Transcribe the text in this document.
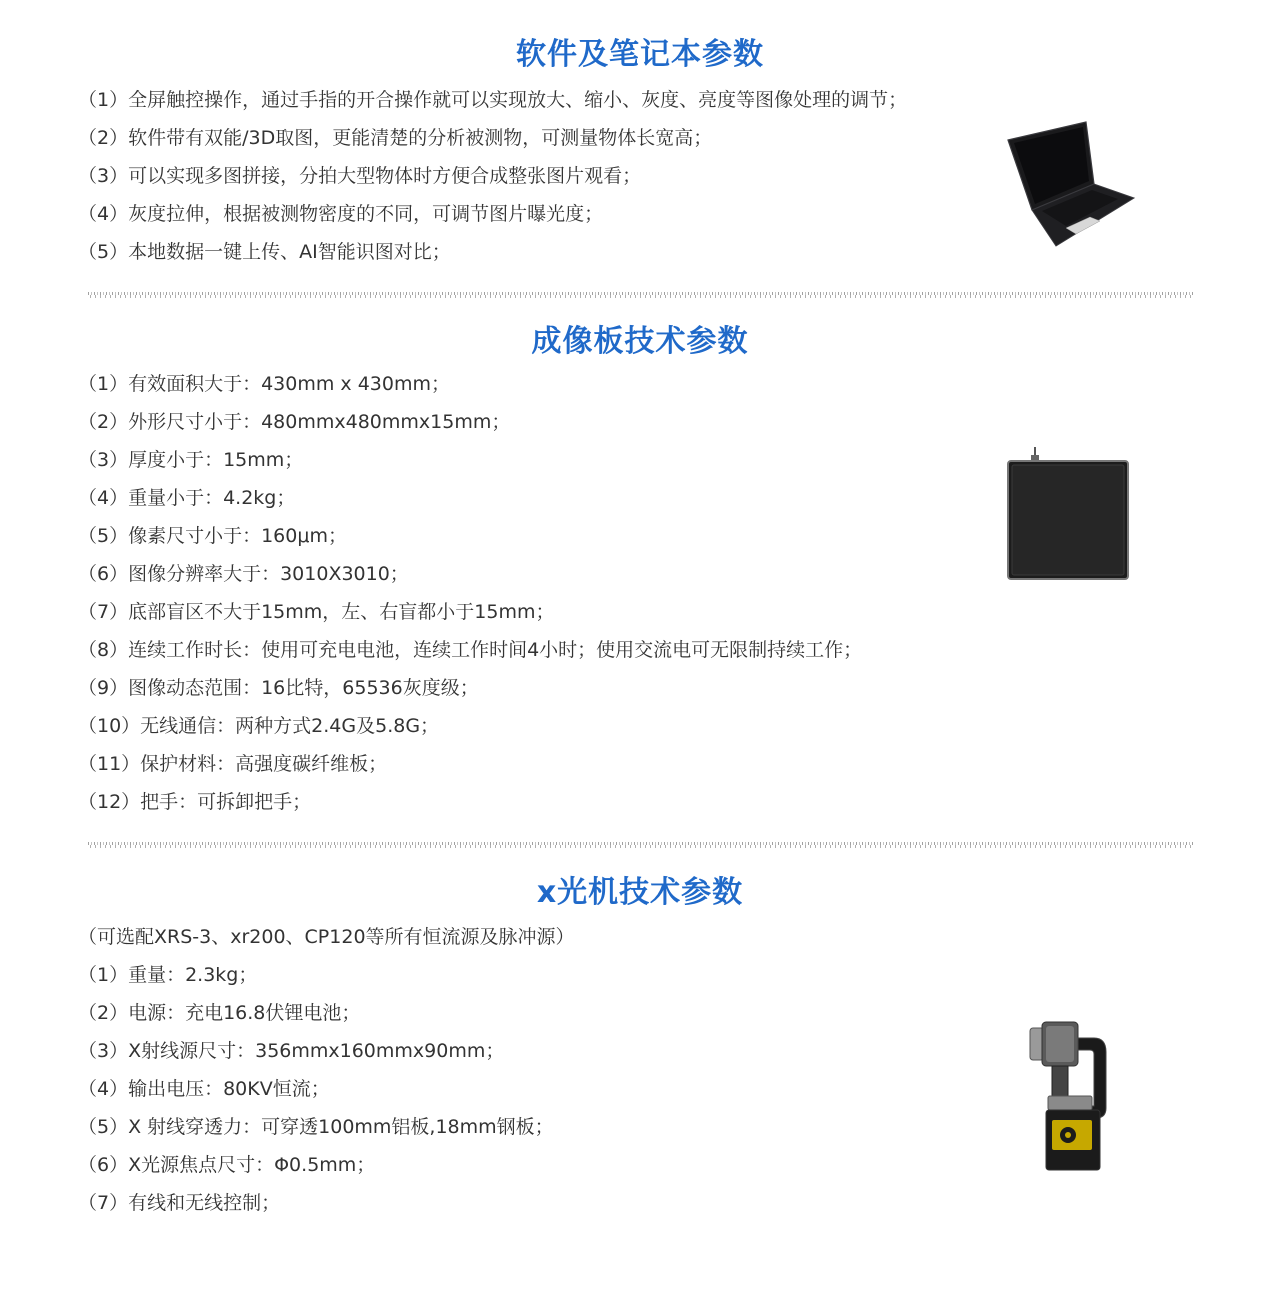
软件及笔记本参数
（1）全屏触控操作，通过手指的开合操作就可以实现放大、缩小、灰度、亮度等图像处理的调节；
（2）软件带有双能/3D取图，更能清楚的分析被测物，可测量物体长宽高；
（3）可以实现多图拼接，分拍大型物体时方便合成整张图片观看；
（4）灰度拉伸，根据被测物密度的不同，可调节图片曝光度；
（5）本地数据一键上传、AI智能识图对比；
成像板技术参数
（1）有效面积大于：430mm x 430mm；
（2）外形尺寸小于：480mmx480mmx15mm；
（3）厚度小于：15mm；
（4）重量小于：4.2kg；
（5）像素尺寸小于：160μm；
（6）图像分辨率大于：3010X3010；
（7）底部盲区不大于15mm，左、右盲都小于15mm；
（8）连续工作时长：使用可充电电池，连续工作时间4小时；使用交流电可无限制持续工作；
（9）图像动态范围：16比特，65536灰度级；
（10）无线通信：两种方式2.4G及5.8G；
（11）保护材料：高强度碳纤维板；
（12）把手：可拆卸把手；
x光机技术参数
（可选配XRS-3、xr200、CP120等所有恒流源及脉冲源）
（1）重量：2.3kg；
（2）电源：充电16.8伏锂电池；
（3）X射线源尺寸：356mmx160mmx90mm；
（4）输出电压：80KV恒流；
（5）X 射线穿透力：可穿透100mm铝板,18mm钢板；
（6）X光源焦点尺寸：Φ0.5mm；
（7）有线和无线控制；
